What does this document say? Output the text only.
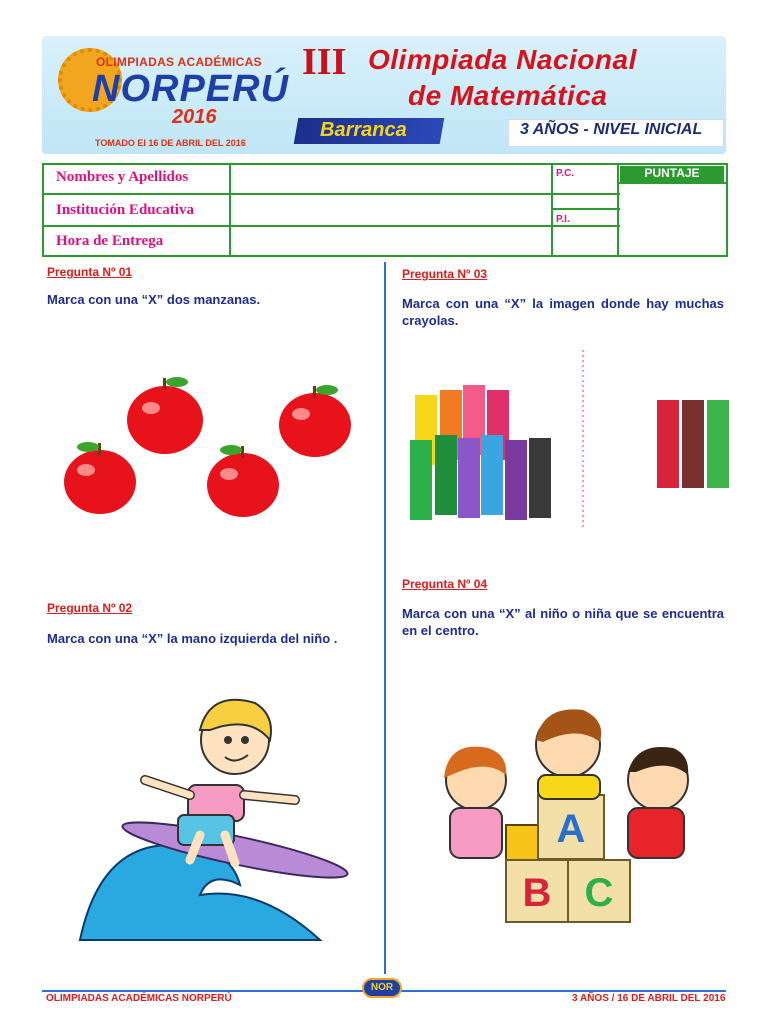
OLIMPIADAS ACADÉMICAS
NORPERÚ
2016
TOMADO El 16 DE ABRIL DEL 2016
III Olimpiada Nacional
de Matemática
Barranca	3 AÑOS - NIVEL INICIAL
Nombres y Apellidos
Institución Educativa
Hora de Entrega
P.C.
P.I.
PUNTAJE
Pregunta Nº 01
Marca con una “X” dos manzanas.
Pregunta Nº 02
Marca con una “X” la mano izquierda del niño .
Pregunta Nº 03
Marca con una “X” la imagen donde hay muchas crayolas.
Pregunta Nº 04
Marca con una “X” al niño o niña que se encuentra en el centro.
A
B C
OLIMPIADAS ACADÉMICAS NORPERÚ
NOR
3 AÑOS / 16 DE ABRIL DEL 2016
